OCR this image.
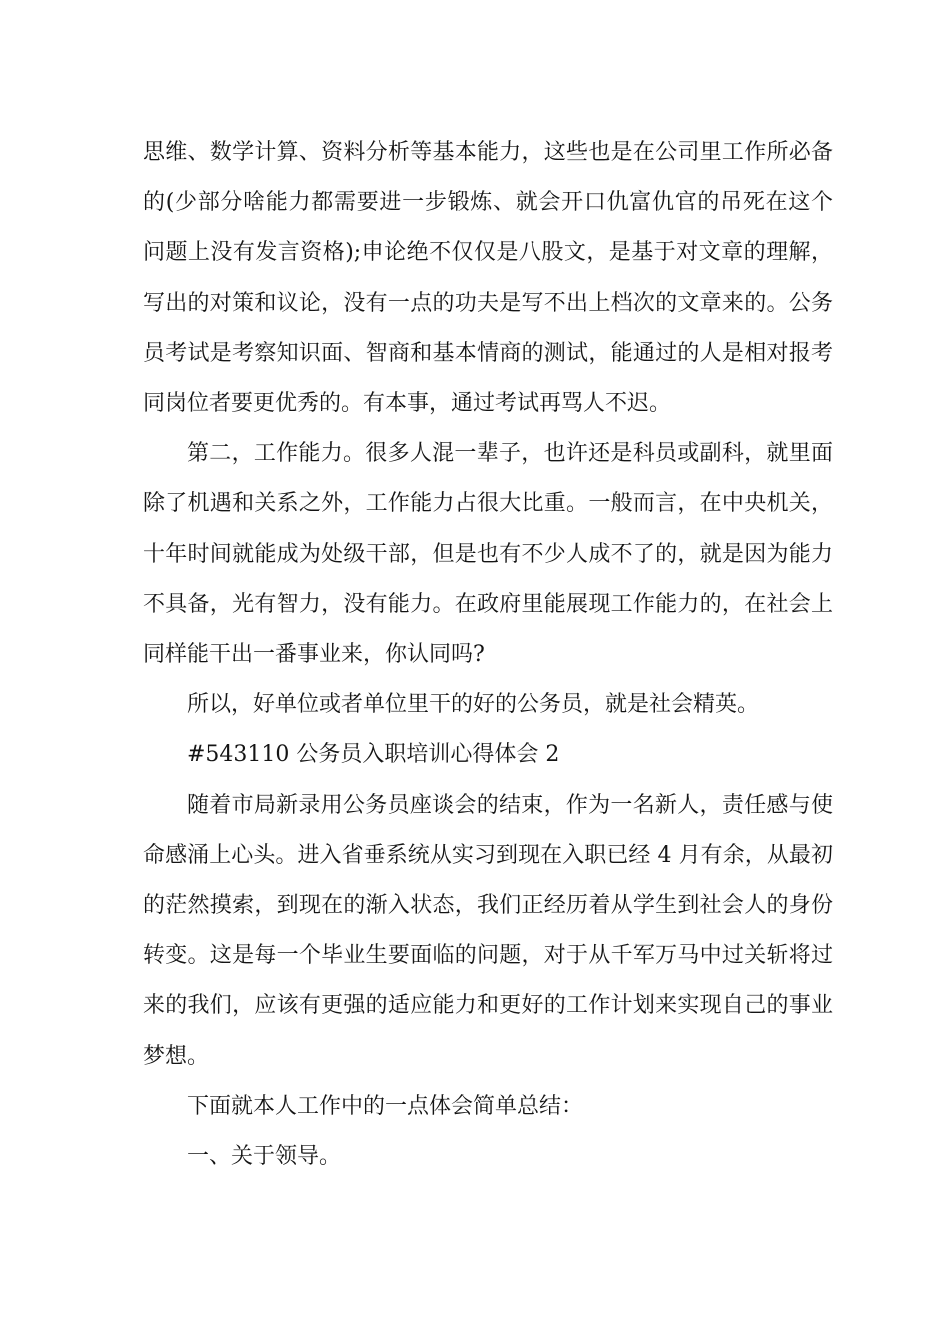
思维、数学计算、资料分析等基本能力，这些也是在公司里工作所必备的(少部分啥能力都需要进一步锻炼、就会开口仇富仇官的吊死在这个问题上没有发言资格);申论绝不仅仅是八股文，是基于对文章的理解，写出的对策和议论，没有一点的功夫是写不出上档次的文章来的。公务员考试是考察知识面、智商和基本情商的测试，能通过的人是相对报考同岗位者要更优秀的。有本事，通过考试再骂人不迟。

第二，工作能力。很多人混一辈子，也许还是科员或副科，就里面除了机遇和关系之外，工作能力占很大比重。一般而言，在中央机关，十年时间就能成为处级干部，但是也有不少人成不了的，就是因为能力不具备，光有智力，没有能力。在政府里能展现工作能力的，在社会上同样能干出一番事业来，你认同吗?

所以，好单位或者单位里干的好的公务员，就是社会精英。

#543110 公务员入职培训心得体会 2

随着市局新录用公务员座谈会的结束，作为一名新人，责任感与使命感涌上心头。进入省垂系统从实习到现在入职已经 4 月有余，从最初的茫然摸索，到现在的渐入状态，我们正经历着从学生到社会人的身份转变。这是每一个毕业生要面临的问题，对于从千军万马中过关斩将过来的我们，应该有更强的适应能力和更好的工作计划来实现自己的事业梦想。

下面就本人工作中的一点体会简单总结：

一、关于领导。
